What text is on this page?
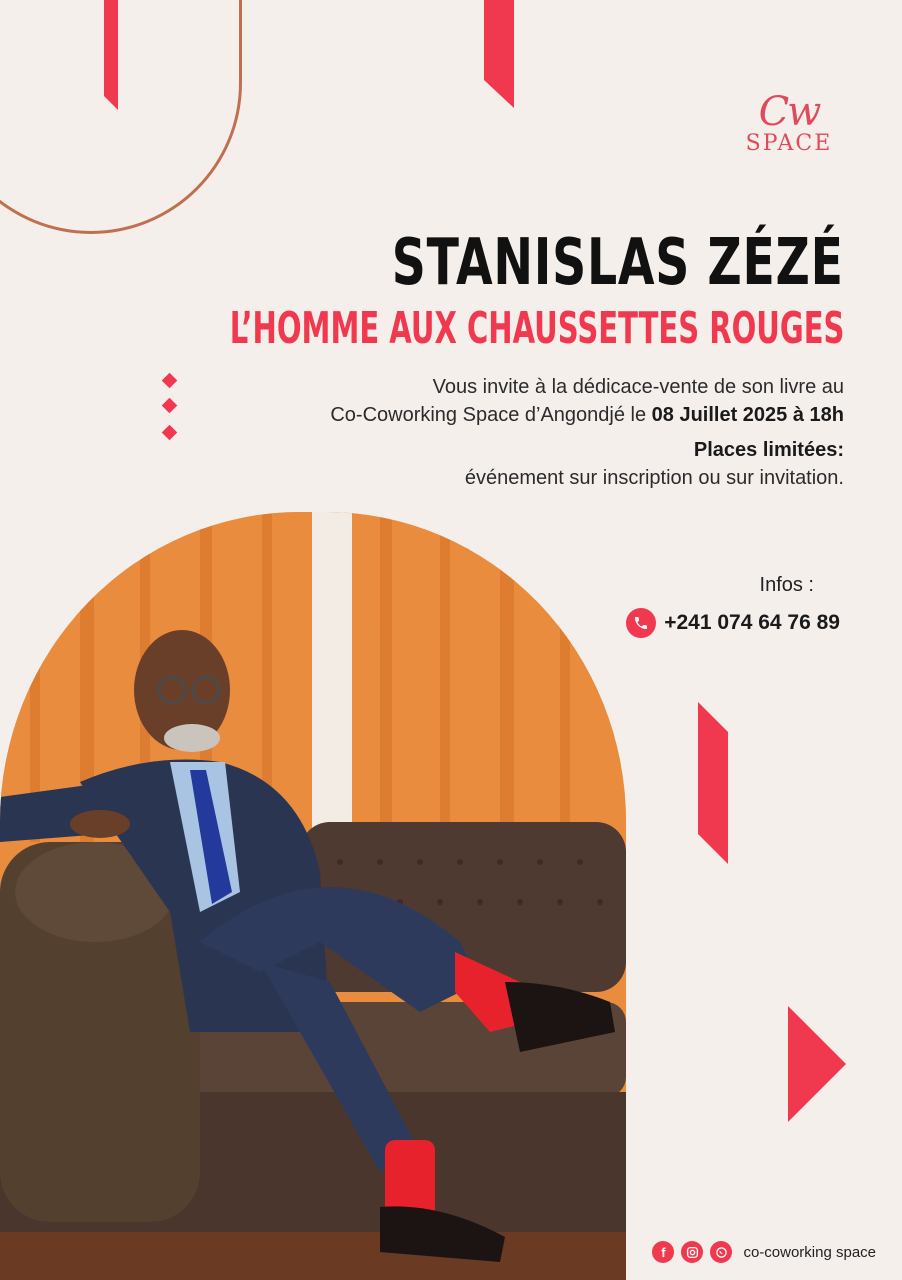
Cw
SPACE
STANISLAS ZÉZÉ
L’HOMME AUX CHAUSSETTES ROUGES
Vous invite à la dédicace-vente de son livre au
Co-Coworking Space d’Angondjé le 08 Juillet 2025 à 18h
Places limitées:
événement sur inscription ou sur invitation.
Infos :
+241 074 64 76 89
f	co-coworking space
